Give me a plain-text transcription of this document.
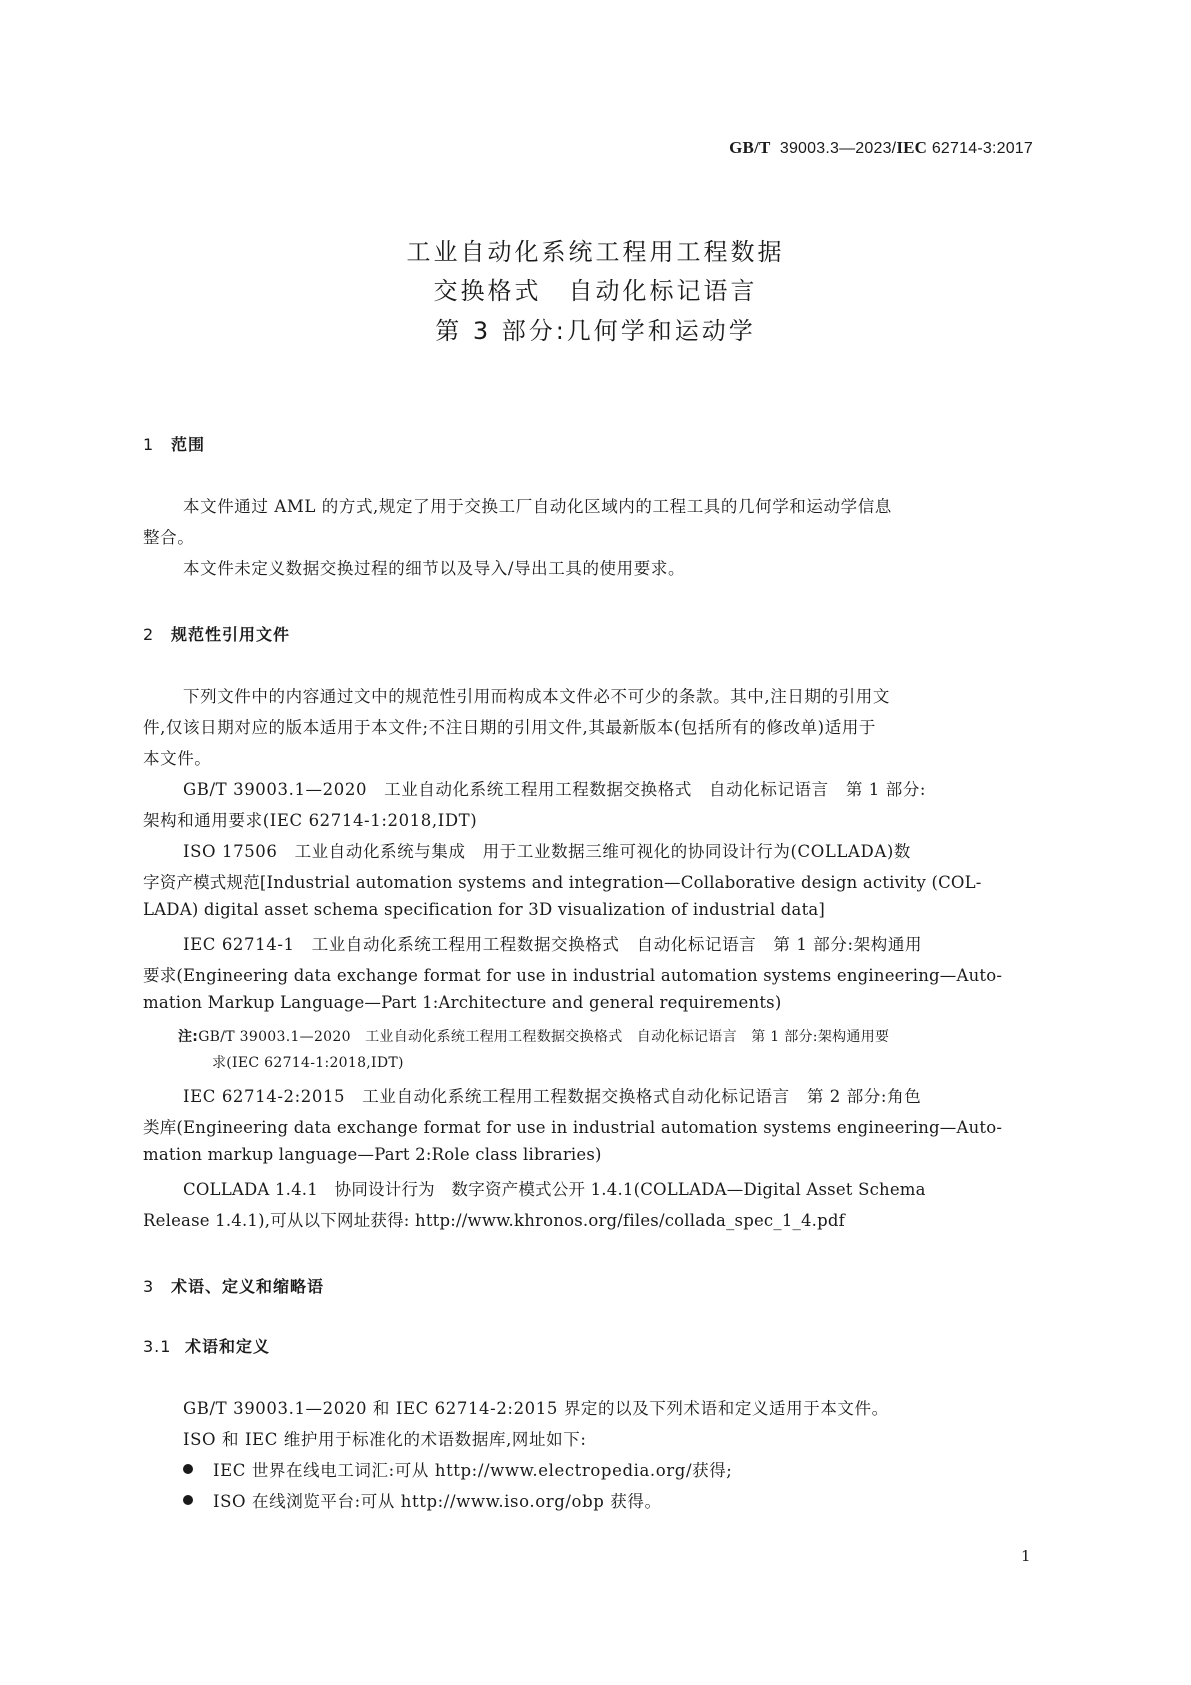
GB/T 39003.3—2023/IEC 62714-3:2017
工业自动化系统工程用工程数据
交换格式　自动化标记语言
第 3 部分:几何学和运动学
1 范围
本文件通过 AML 的方式,规定了用于交换工厂自动化区域内的工程工具的几何学和运动学信息
整合。
本文件未定义数据交换过程的细节以及导入/导出工具的使用要求。
2 规范性引用文件
下列文件中的内容通过文中的规范性引用而构成本文件必不可少的条款。其中,注日期的引用文
件,仅该日期对应的版本适用于本文件;不注日期的引用文件,其最新版本(包括所有的修改单)适用于
本文件。
GB/T 39003.1—2020　工业自动化系统工程用工程数据交换格式　自动化标记语言　第 1 部分:
架构和通用要求(IEC 62714-1:2018,IDT)
ISO 17506　工业自动化系统与集成　用于工业数据三维可视化的协同设计行为(COLLADA)数
字资产模式规范[Industrial automation systems and integration—Collaborative design activity (COL-
LADA) digital asset schema specification for 3D visualization of industrial data]
IEC 62714-1　工业自动化系统工程用工程数据交换格式　自动化标记语言　第 1 部分:架构通用
要求(Engineering data exchange format for use in industrial automation systems engineering—Auto-
mation Markup Language—Part 1:Architecture and general requirements)
注:GB/T 39003.1—2020　工业自动化系统工程用工程数据交换格式　自动化标记语言　第 1 部分:架构通用要
求(IEC 62714-1:2018,IDT)
IEC 62714-2:2015　工业自动化系统工程用工程数据交换格式自动化标记语言　第 2 部分:角色
类库(Engineering data exchange format for use in industrial automation systems engineering—Auto-
mation markup language—Part 2:Role class libraries)
COLLADA 1.4.1　协同设计行为　数字资产模式公开 1.4.1(COLLADA—Digital Asset Schema
Release 1.4.1),可从以下网址获得: http://www.khronos.org/files/collada_spec_1_4.pdf
3 术语、定义和缩略语
3.1 术语和定义
GB/T 39003.1—2020 和 IEC 62714-2:2015 界定的以及下列术语和定义适用于本文件。
ISO 和 IEC 维护用于标准化的术语数据库,网址如下:
IEC 世界在线电工词汇:可从 http://www.electropedia.org/获得;
ISO 在线浏览平台:可从 http://www.iso.org/obp 获得。
1
